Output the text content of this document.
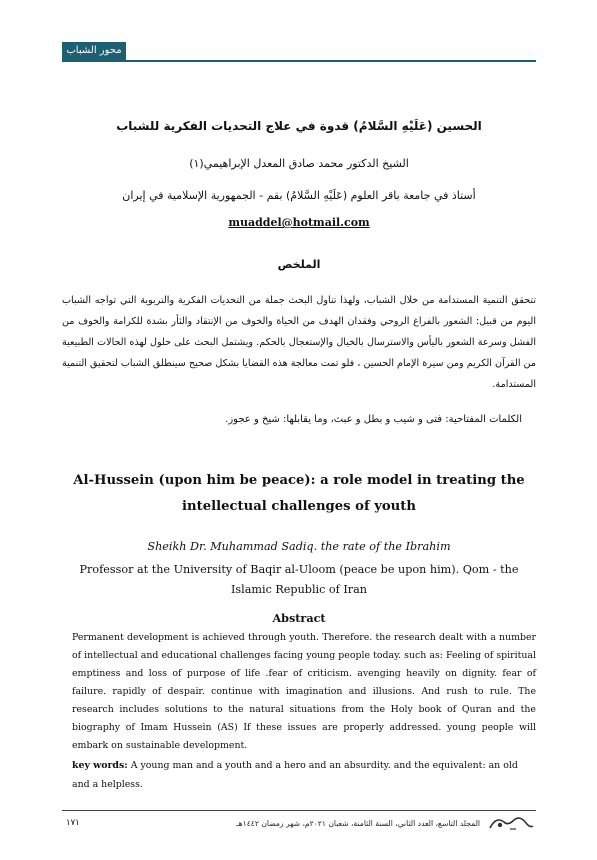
محور الشباب
الحسين (عَلَيْهِ السَّلامُ) قدوة في علاج التحديات الفكرية للشباب
الشيخ الدكتور محمد صادق المعدل الإبراهيمي(١)
أستاذ في جامعة باقر العلوم (عَلَيْهِ السَّلامُ) بقم - الجمهورية الإسلامية في إيران
muaddel@hotmail.com
الملخص
تتحقق التنمية المستدامة من خلال الشباب، ولهذا تناول البحث جملة من التحديات الفكرية والتربوية التي تواجه الشباب اليوم من قبيل: الشعور بالفراغ الروحي وفقدان الهدف من الحياة والخوف من الإنتقاد والثأر بشدة للكرامة والخوف من الفشل وسرعة الشعور باليأس والاسترسال بالخيال والإستعجال بالحكم. ويشتمل البحث على حلول لهذه الحالات الطبيعية من القرآن الكريم ومن سيرة الإمام الحسين ، فلو تمت معالجة هذه القضايا بشكل صحيح سينطلق الشباب لتحقيق التنمية المستدامة.
الكلمات المفتاحية: فتى و شيب و بطل و عبث، وما يقابلها: شيخ و عجوز.
Al-Hussein (upon him be peace): a role model in treating the intellectual challenges of youth
Sheikh Dr. Muhammad Sadiq. the rate of the Ibrahim
Professor at the University of Baqir al-Uloom (peace be upon him). Qom - the Islamic Republic of Iran
Abstract
Permanent development is achieved through youth. Therefore. the research dealt with a number of intellectual and educational challenges facing young people today. such as: Feeling of spiritual emptiness and loss of purpose of life .fear of criticism. avenging heavily on dignity. fear of failure. rapidly of despair. continue with imagination and illusions. And rush to rule. The research includes solutions to the natural situations from the Holy book of Quran and the biography of Imam Hussein (AS) If these issues are properly addressed. young people will embark on sustainable development.
key words: A young man and a youth and a hero and an absurdity. and the equivalent: an old and a helpless.
١٧١	المجلد التاسع، العدد الثاني، السنة الثامنة، شعبان ٢٠٢١م، شهر رمضان ١٤٤٢هـ
